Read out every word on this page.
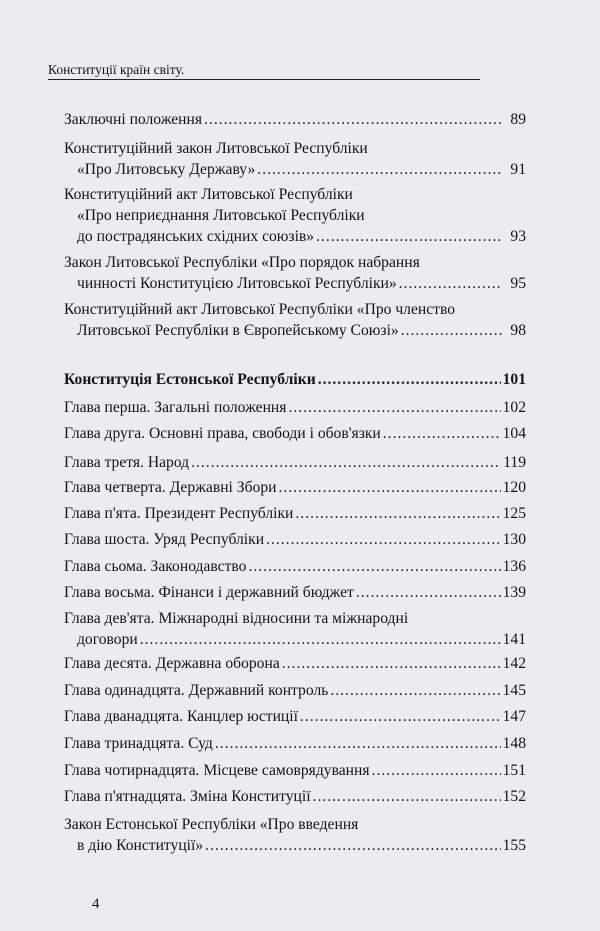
Конституції країн світу.
Заключні положення .....	89
Конституційний закон Литовської Республіки
«Про Литовську Державу» .....	91
Конституційний акт Литовської Республіки
«Про неприєднання Литовської Республіки
до пострадянських східних союзів» .....	93
Закон Литовської Республіки «Про порядок набрання
чинності Конституцією Литовської Республіки» .....	95
Конституційний акт Литовської Республіки «Про членство
Литовської Республіки в Європейському Союзі» .....	98
Конституція Естонської Республіки .....	101
Глава перша. Загальні положення .....	102
Глава друга. Основні права, свободи і обов'язки .....	104
Глава третя. Народ .....	119
Глава четверта. Державні Збори .....	120
Глава п'ята. Президент Республіки .....	125
Глава шоста. Уряд Республіки .....	130
Глава сьома. Законодавство .....	136
Глава восьма. Фінанси і державний бюджет .....	139
Глава дев'ята. Міжнародні відносини та міжнародні
договори .....	141
Глава десята. Державна оборона .....	142
Глава одинадцята. Державний контроль .....	145
Глава дванадцята. Канцлер юстиції .....	147
Глава тринадцята. Суд .....	148
Глава чотирнадцята. Місцеве самоврядування .....	151
Глава п'ятнадцята. Зміна Конституції .....	152
Закон Естонської Республіки «Про введення
в дію Конституції» .....	155
4
